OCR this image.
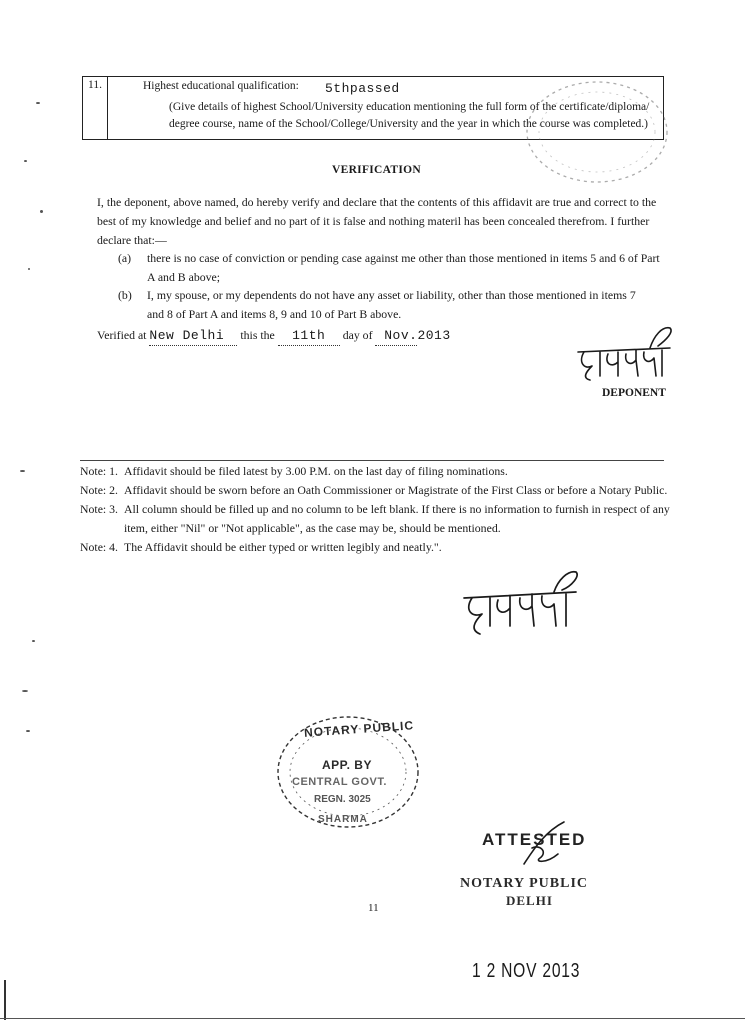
11.	Highest educational qualification: 5thpassed
(Give details of highest School/University education mentioning the full form of the certificate/diploma/
degree course, name of the School/College/University and the year in which the course was completed.)
VERIFICATION
I, the deponent, above named, do hereby verify and declare that the contents of this affidavit are true and correct to the
best of my knowledge and belief and no part of it is false and nothing materil has been concealed therefrom. I further
declare that:—
(a) there is no case of conviction or pending case against me other than those mentioned in items 5 and 6 of Part
A and B above;
(b) I, my spouse, or my dependents do not have any asset or liability, other than those mentioned in items 7
and 8 of Part A and items 8, 9 and 10 of Part B above.
Verified at New Delhi this the 11th day of Nov.2013
DEPONENT
Note: 1. Affidavit should be filed latest by 3.00 P.M. on the last day of filing nominations.
Note: 2. Affidavit should be sworn before an Oath Commissioner or Magistrate of the First Class or before a Notary Public.
Note: 3. All column should be filled up and no column to be left blank. If there is no information to furnish in respect of any
item, either "Nil" or "Not applicable", as the case may be, should be mentioned.
Note: 4. The Affidavit should be either typed or written legibly and neatly.".
NOTARY PUBLIC
APP. BY
CENTRAL GOVT.
REGN. 3025
SHARMA
ATTESTED
NOTARY PUBLIC
DELHI
11
1 2 NOV 2013
